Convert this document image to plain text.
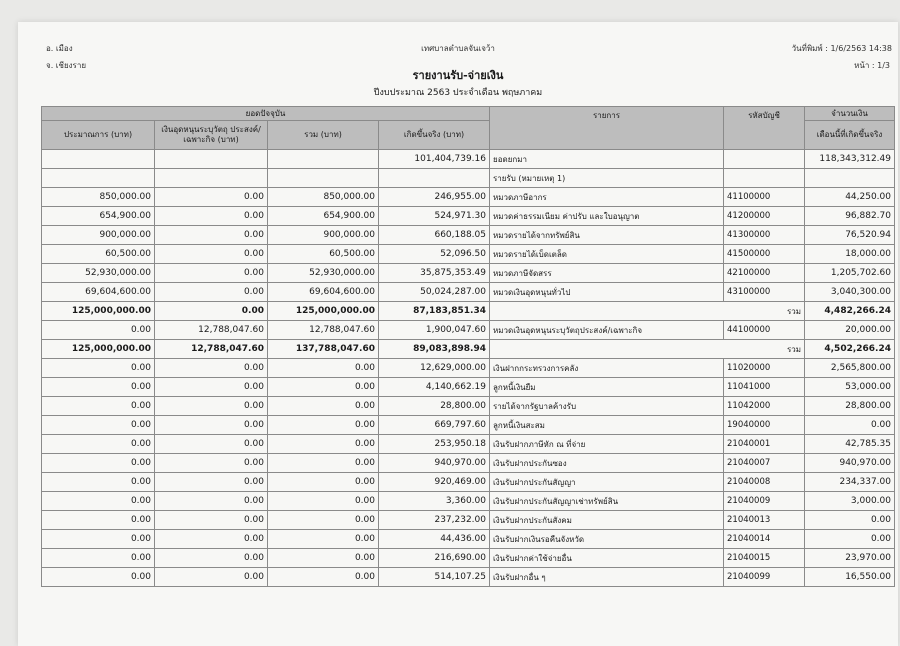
อ. เมือง
จ. เชียงราย
เทศบาลตำบลจันเจว้า	วันที่พิมพ์ : 1/6/2563 14:38
หน้า : 1/3
รายงานรับ-จ่ายเงิน
ปีงบประมาณ 2563 ประจำเดือน พฤษภาคม
ยอดปัจจุบัน				รายการ	รหัสบัญชี	จำนวนเงิน
ประมาณการ (บาท)	เงินอุดหนุนระบุวัตถุ ประสงค์/เฉพาะกิจ (บาท)	รวม (บาท)	เกิดขึ้นจริง (บาท)			เดือนนี้ที่เกิดขึ้นจริง
			101,404,739.16	ยอดยกมา		118,343,312.49
				รายรับ (หมายเหตุ 1)		
850,000.00	0.00	850,000.00	246,955.00	หมวดภาษีอากร	41100000	44,250.00
654,900.00	0.00	654,900.00	524,971.30	หมวดค่าธรรมเนียม ค่าปรับ และใบอนุญาต	41200000	96,882.70
900,000.00	0.00	900,000.00	660,188.05	หมวดรายได้จากทรัพย์สิน	41300000	76,520.94
60,500.00	0.00	60,500.00	52,096.50	หมวดรายได้เบ็ดเตล็ด	41500000	18,000.00
52,930,000.00	0.00	52,930,000.00	35,875,353.49	หมวดภาษีจัดสรร	42100000	1,205,702.60
69,604,600.00	0.00	69,604,600.00	50,024,287.00	หมวดเงินอุดหนุนทั่วไป	43100000	3,040,300.00
125,000,000.00	0.00	125,000,000.00	87,183,851.34	รวม		4,482,266.24
0.00	12,788,047.60	12,788,047.60	1,900,047.60	หมวดเงินอุดหนุนระบุวัตถุประสงค์/เฉพาะกิจ	44100000	20,000.00
125,000,000.00	12,788,047.60	137,788,047.60	89,083,898.94	รวม		4,502,266.24
0.00	0.00	0.00	12,629,000.00	เงินฝากกระทรวงการคลัง	11020000	2,565,800.00
0.00	0.00	0.00	4,140,662.19	ลูกหนี้เงินยืม	11041000	53,000.00
0.00	0.00	0.00	28,800.00	รายได้จากรัฐบาลค้างรับ	11042000	28,800.00
0.00	0.00	0.00	669,797.60	ลูกหนี้เงินสะสม	19040000	0.00
0.00	0.00	0.00	253,950.18	เงินรับฝากภาษีหัก ณ ที่จ่าย	21040001	42,785.35
0.00	0.00	0.00	940,970.00	เงินรับฝากประกันซอง	21040007	940,970.00
0.00	0.00	0.00	920,469.00	เงินรับฝากประกันสัญญา	21040008	234,337.00
0.00	0.00	0.00	3,360.00	เงินรับฝากประกันสัญญาเช่าทรัพย์สิน	21040009	3,000.00
0.00	0.00	0.00	237,232.00	เงินรับฝากประกันสังคม	21040013	0.00
0.00	0.00	0.00	44,436.00	เงินรับฝากเงินรอคืนจังหวัด	21040014	0.00
0.00	0.00	0.00	216,690.00	เงินรับฝากค่าใช้จ่ายอื่น	21040015	23,970.00
0.00	0.00	0.00	514,107.25	เงินรับฝากอื่น ๆ	21040099	16,550.00
